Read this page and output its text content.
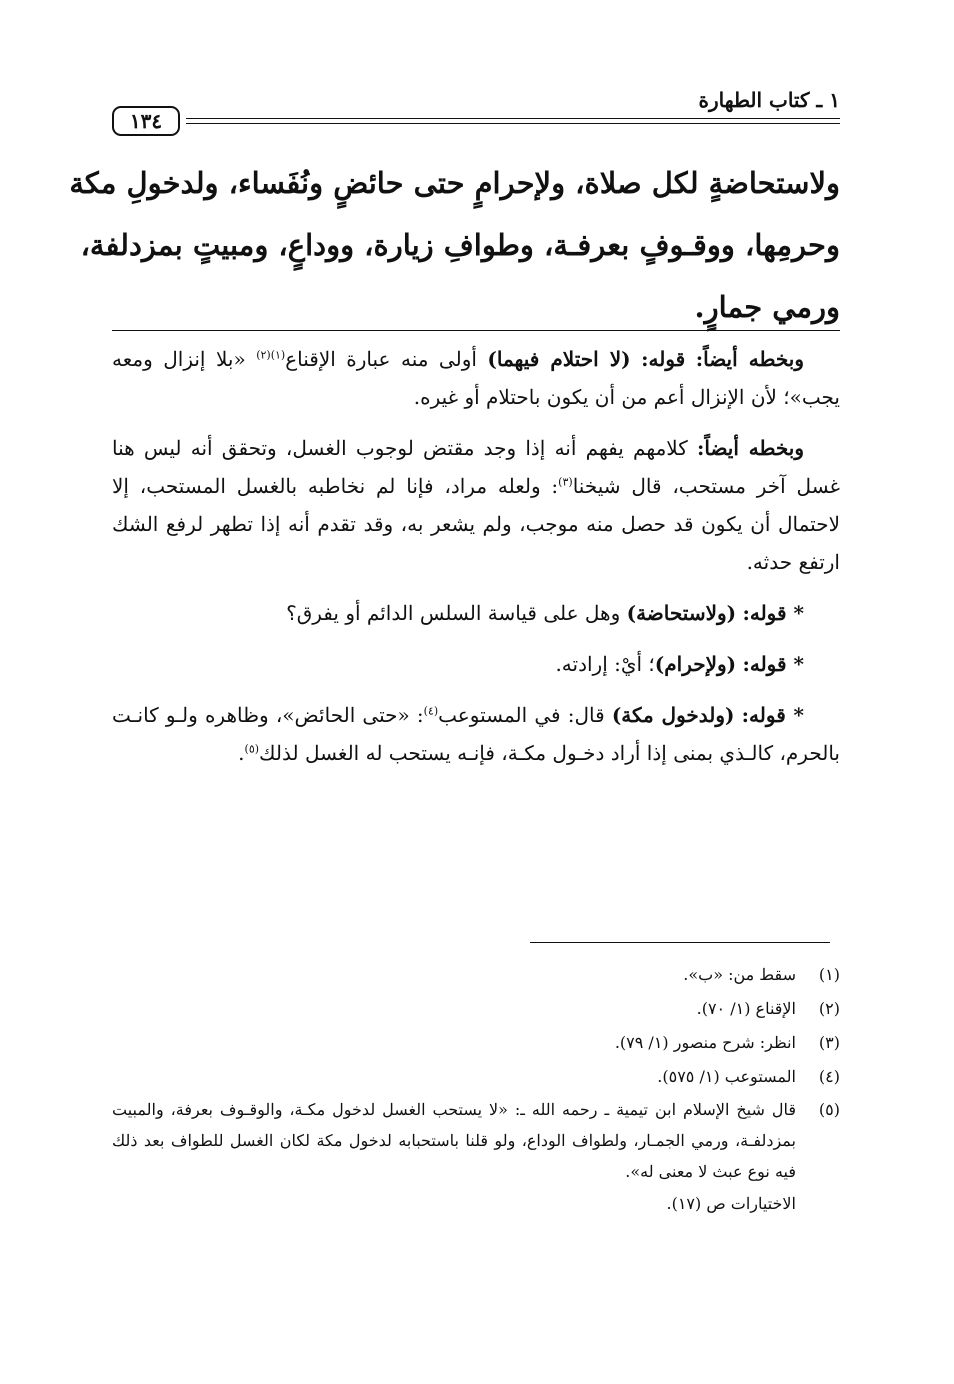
١٣٤
١ ـ كتاب الطهارة
ولاستحاضةٍ لكل صلاة، ولإحرامٍ حتى حائضٍ ونُفَساء، ولدخولِ مكة
وحرمِها، ووقـوفٍ بعرفـة، وطوافِ زيارة، ووداعٍ، ومبيتٍ بمزدلفة،
ورمي جمارٍ.

وبخطه أيضاً: قوله: (لا احتلام فيهما) أولى منه عبارة الإقناع$^{(١)(٢)}$ «بلا إنزال ومعه يجب»؛ لأن الإنزال أعم من أن يكون باحتلام أو غيره.

وبخطه أيضاً: كلامهم يفهم أنه إذا وجد مقتض لوجوب الغسل، وتحقق أنه ليس هنا غسل آخر مستحب، قال شيخنا$^{(٣)}$: ولعله مراد، فإنا لم نخاطبه بالغسل المستحب، إلا لاحتمال أن يكون قد حصل منه موجب، ولم يشعر به، وقد تقدم أنه إذا تطهر لرفع الشك ارتفع حدثه.

* قوله: (ولاستحاضة) وهل على قياسة السلس الدائم أو يفرق؟

* قوله: (ولإحرام)؛ أيْ: إرادته.

* قوله: (ولدخول مكة) قال: في المستوعب$^{(٤)}$: «حتى الحائض»، وظاهره ولـو كانـت بالحرم، كالـذي بمنى إذا أراد دخـول مكـة، فإنـه يستحب له الغسل لذلك$^{(٥)}$.

(١)
سقط من: «ب».
(٢)
الإقناع (١/ ٧٠).
(٣)
انظر: شرح منصور (١/ ٧٩).
(٤)
المستوعب (١/ ٥٧٥).
(٥)
قال شيخ الإسلام ابن تيمية ـ رحمه الله ـ: «لا يستحب الغسل لدخول مكـة، والوقـوف بعرفة، والمبيت بمزدلفـة، ورمي الجمـار، ولطواف الوداع، ولو قلنا باستحبابه لدخول مكة لكان الغسل للطواف بعد ذلك فيه نوع عبث لا معنى له».
الاختيارات ص (١٧).
